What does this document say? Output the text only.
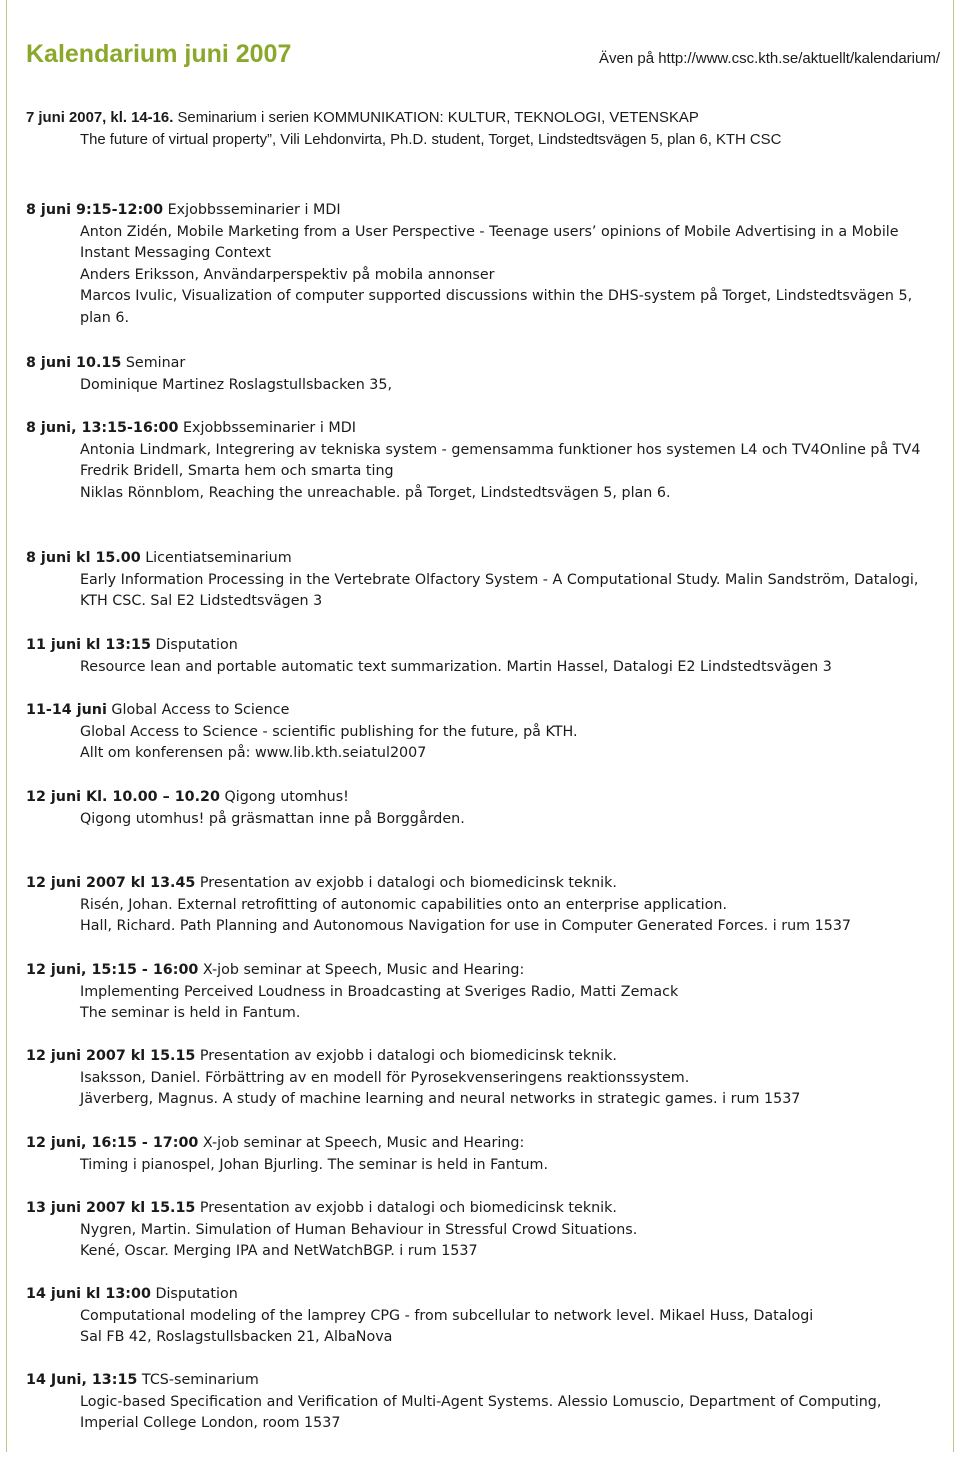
Kalendarium juni 2007	Även på http://www.csc.kth.se/aktuellt/kalendarium/

7 juni 2007, kl. 14-16. Seminarium i serien KOMMUNIKATION: KULTUR, TEKNOLOGI, VETENSKAP

The future of virtual property”, Vili Lehdonvirta, Ph.D. student, Torget, Lindstedtsvägen 5, plan 6, KTH CSC

8 juni 9:15-12:00 Exjobbsseminarier i MDI

Anton Zidén, Mobile Marketing from a User Perspective - Teenage users’ opinions of Mobile Advertising in a Mobile Instant Messaging Context

Anders Eriksson, Användarperspektiv på mobila annonser

Marcos Ivulic, Visualization of computer supported discussions within the DHS-system på Torget, Lindstedtsvägen 5, plan 6.

8 juni 10.15 Seminar

Dominique Martinez Roslagstullsbacken 35,

8 juni, 13:15-16:00 Exjobbsseminarier i MDI

Antonia Lindmark, Integrering av tekniska system - gemensamma funktioner hos systemen L4 och TV4Online på TV4

Fredrik Bridell, Smarta hem och smarta ting

Niklas Rönnblom, Reaching the unreachable. på Torget, Lindstedtsvägen 5, plan 6.

8 juni kl 15.00 Licentiatseminarium

Early Information Processing in the Vertebrate Olfactory System - A Computational Study. Malin Sandström, Datalogi, KTH CSC. Sal E2 Lidstedtsvägen 3

11 juni kl 13:15 Disputation

Resource lean and portable automatic text summarization. Martin Hassel, Datalogi E2 Lindstedtsvägen 3

11-14 juni Global Access to Science

Global Access to Science - scientific publishing for the future, på KTH.

Allt om konferensen på: www.lib.kth.seiatul2007

12 juni Kl. 10.00 – 10.20 Qigong utomhus!

Qigong utomhus! på gräsmattan inne på Borggården.

12 juni 2007 kl 13.45 Presentation av exjobb i datalogi och biomedicinsk teknik.

Risén, Johan. External retrofitting of autonomic capabilities onto an enterprise application.

Hall, Richard. Path Planning and Autonomous Navigation for use in Computer Generated Forces. i rum 1537

12 juni, 15:15 - 16:00 X-job seminar at Speech, Music and Hearing:

Implementing Perceived Loudness in Broadcasting at Sveriges Radio, Matti Zemack

The seminar is held in Fantum.

12 juni 2007 kl 15.15 Presentation av exjobb i datalogi och biomedicinsk teknik.

Isaksson, Daniel. Förbättring av en modell för Pyrosekvenseringens reaktionssystem.

Jäverberg, Magnus. A study of machine learning and neural networks in strategic games. i rum 1537

12 juni, 16:15 - 17:00 X-job seminar at Speech, Music and Hearing:

Timing i pianospel, Johan Bjurling. The seminar is held in Fantum.

13 juni 2007 kl 15.15 Presentation av exjobb i datalogi och biomedicinsk teknik.

Nygren, Martin. Simulation of Human Behaviour in Stressful Crowd Situations.

Kené, Oscar. Merging IPA and NetWatchBGP. i rum 1537

14 juni kl 13:00 Disputation

Computational modeling of the lamprey CPG - from subcellular to network level. Mikael Huss, Datalogi

Sal FB 42, Roslagstullsbacken 21, AlbaNova

14 Juni, 13:15 TCS-seminarium

Logic-based Specification and Verification of Multi-Agent Systems. Alessio Lomuscio, Department of Computing, Imperial College London, room 1537
